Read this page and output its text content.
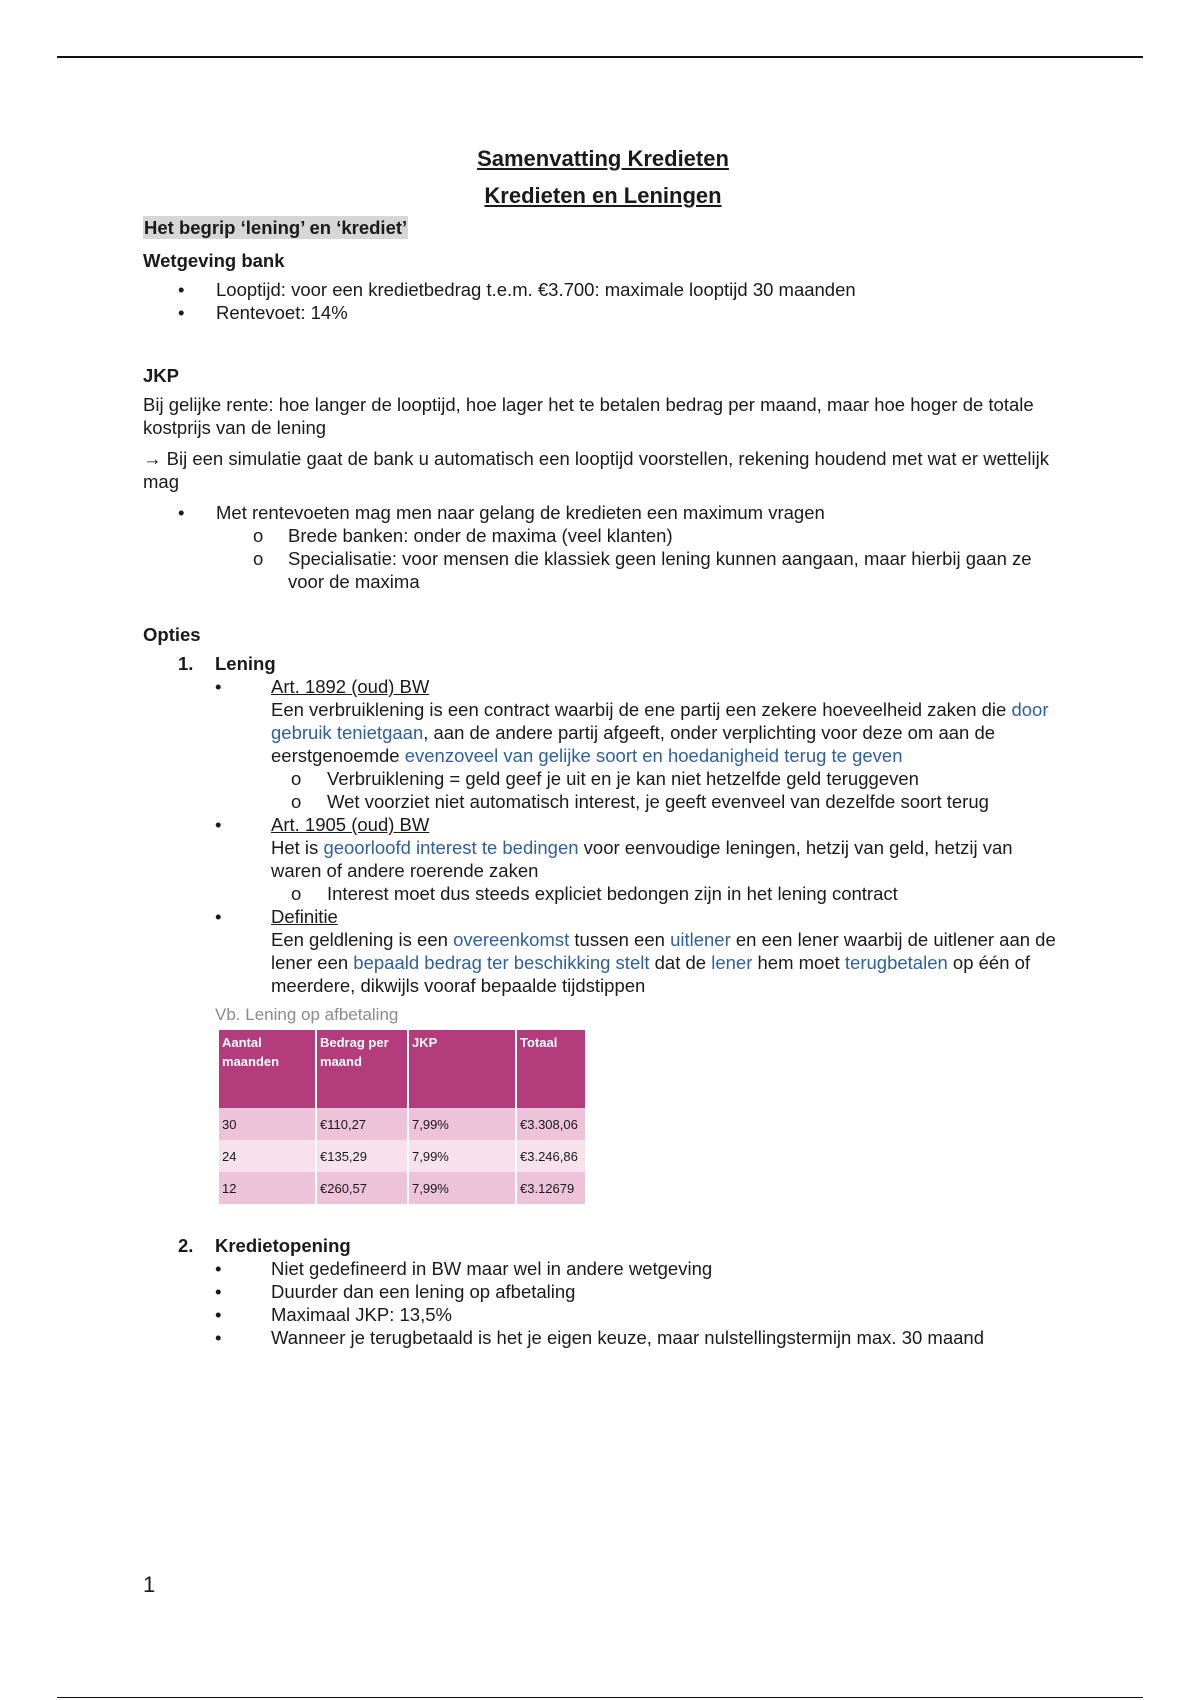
Samenvatting Kredieten
Kredieten en Leningen
Het begrip ‘lening’ en ‘krediet’
Wetgeving bank
• Looptijd: voor een kredietbedrag t.e.m. €3.700: maximale looptijd 30 maanden
• Rentevoet: 14%
JKP

Bij gelijke rente: hoe langer de looptijd, hoe lager het te betalen bedrag per maand, maar hoe hoger de totale kostprijs van de lening

→ Bij een simulatie gaat de bank u automatisch een looptijd voorstellen, rekening houdend met wat er wettelijk mag

• Met rentevoeten mag men naar gelang de kredieten een maximum vragen
o Brede banken: onder de maxima (veel klanten)
o Specialisatie: voor mensen die klassiek geen lening kunnen aangaan, maar hierbij gaan ze voor de maxima
Opties
1. Lening
• Art. 1892 (oud) BW
Een verbruiklening is een contract waarbij de ene partij een zekere hoeveelheid zaken die door gebruik tenietgaan, aan de andere partij afgeeft, onder verplichting voor deze om aan de eerstgenoemde evenzoveel van gelijke soort en hoedanigheid terug te geven
o Verbruiklening = geld geef je uit en je kan niet hetzelfde geld teruggeven
o Wet voorziet niet automatisch interest, je geeft evenveel van dezelfde soort terug
• Art. 1905 (oud) BW
Het is geoorloofd interest te bedingen voor eenvoudige leningen, hetzij van geld, hetzij van waren of andere roerende zaken
o Interest moet dus steeds expliciet bedongen zijn in het lening contract
• Definitie
Een geldlening is een overeenkomst tussen een uitlener en een lener waarbij de uitlener aan de lener een bepaald bedrag ter beschikking stelt dat de lener hem moet terugbetalen op één of meerdere, dikwijls vooraf bepaalde tijdstippen
Vb. Lening op afbetaling
Aantal maanden	Bedrag per maand	JKP	Totaal
30	€110,27	7,99%	€3.308,06
24	€135,29	7,99%	€3.246,86
12	€260,57	7,99%	€3.12679
2. Kredietopening
• Niet gedefineerd in BW maar wel in andere wetgeving
• Duurder dan een lening op afbetaling
• Maximaal JKP: 13,5%
• Wanneer je terugbetaald is het je eigen keuze, maar nulstellingstermijn max. 30 maand
1
